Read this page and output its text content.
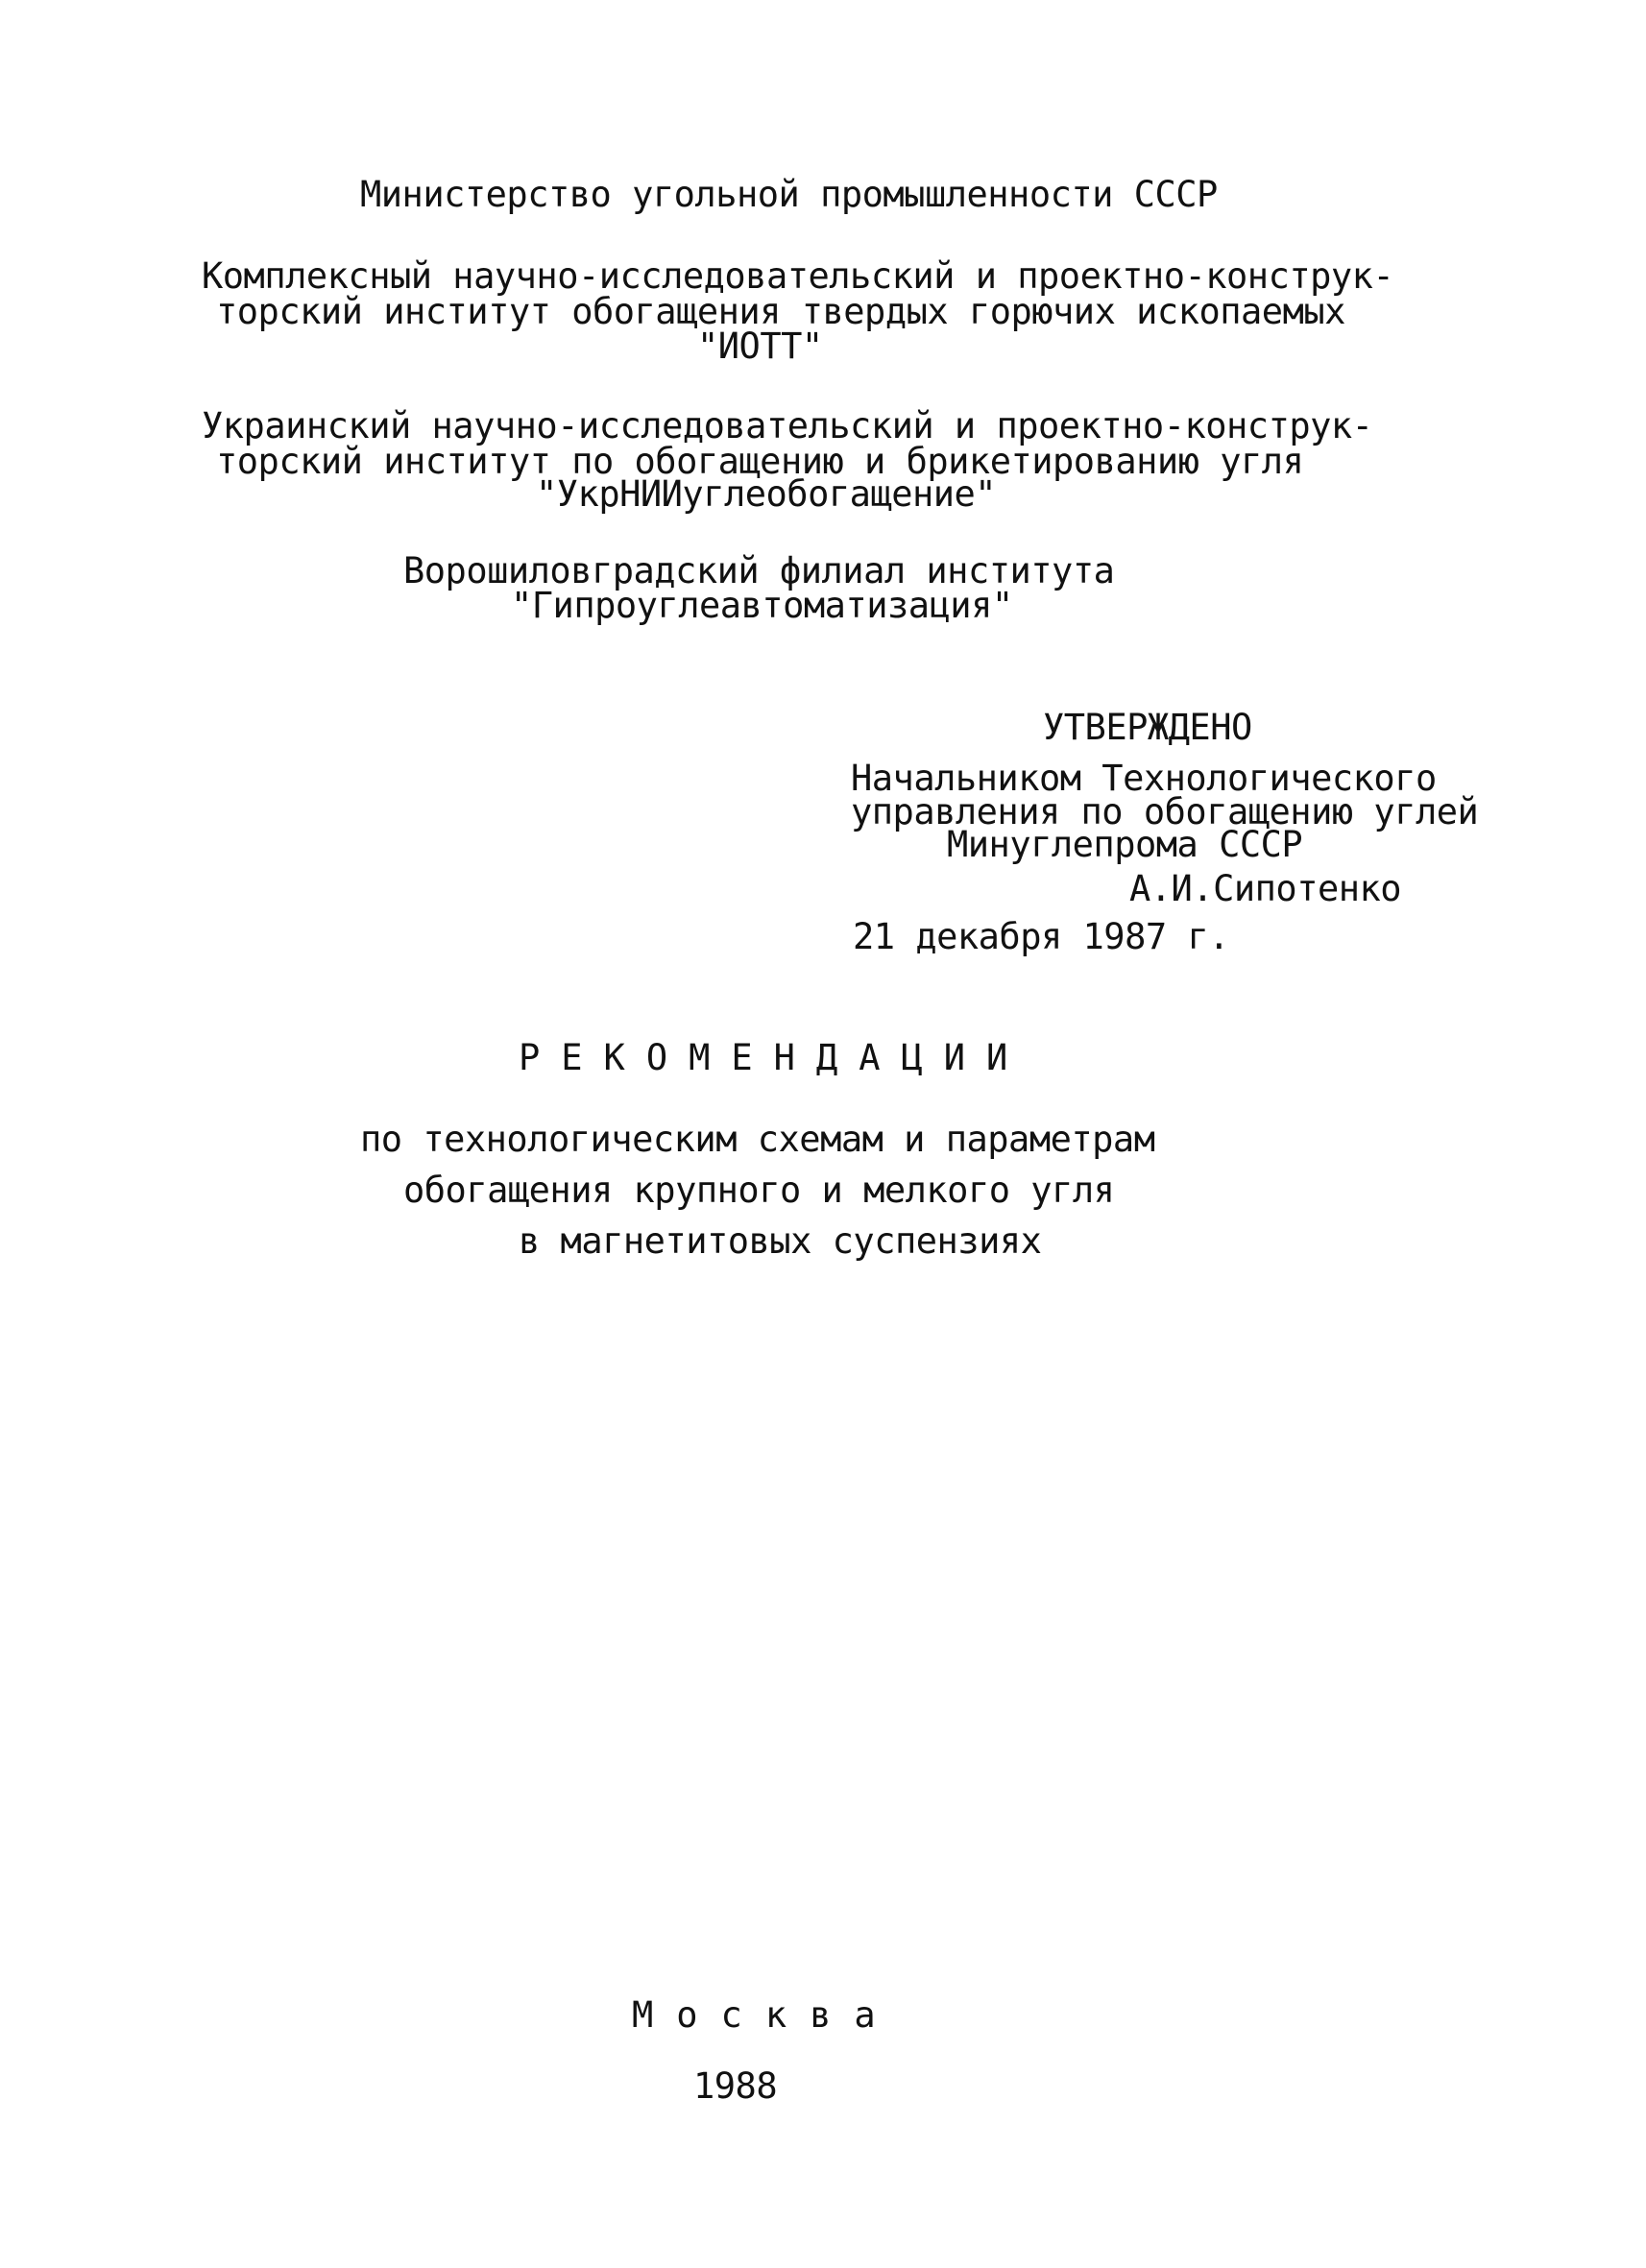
Министерство угольной промышленности СССР
Комплексный научно-исследовательский и проектно-конструк-
торский институт обогащения твердых горючих ископаемых
"ИОТТ"
Украинский научно-исследовательский и проектно-конструк-
торский институт по обогащению и брикетированию угля
"УкрНИИуглеобогащение"
Ворошиловградский филиал института
"Гипроуглеавтоматизация"
УТВЕРЖДЕНО
Начальником Технологического
управления по обогащению углей
Минуглепрома СССР
А.И.Сипотенко
21 декабря 1987 г.
РЕКОМЕНДАЦИИ
по технологическим схемам и параметрам
обогащения крупного и мелкого угля
в магнетитовых суспензиях
Москва
1988
